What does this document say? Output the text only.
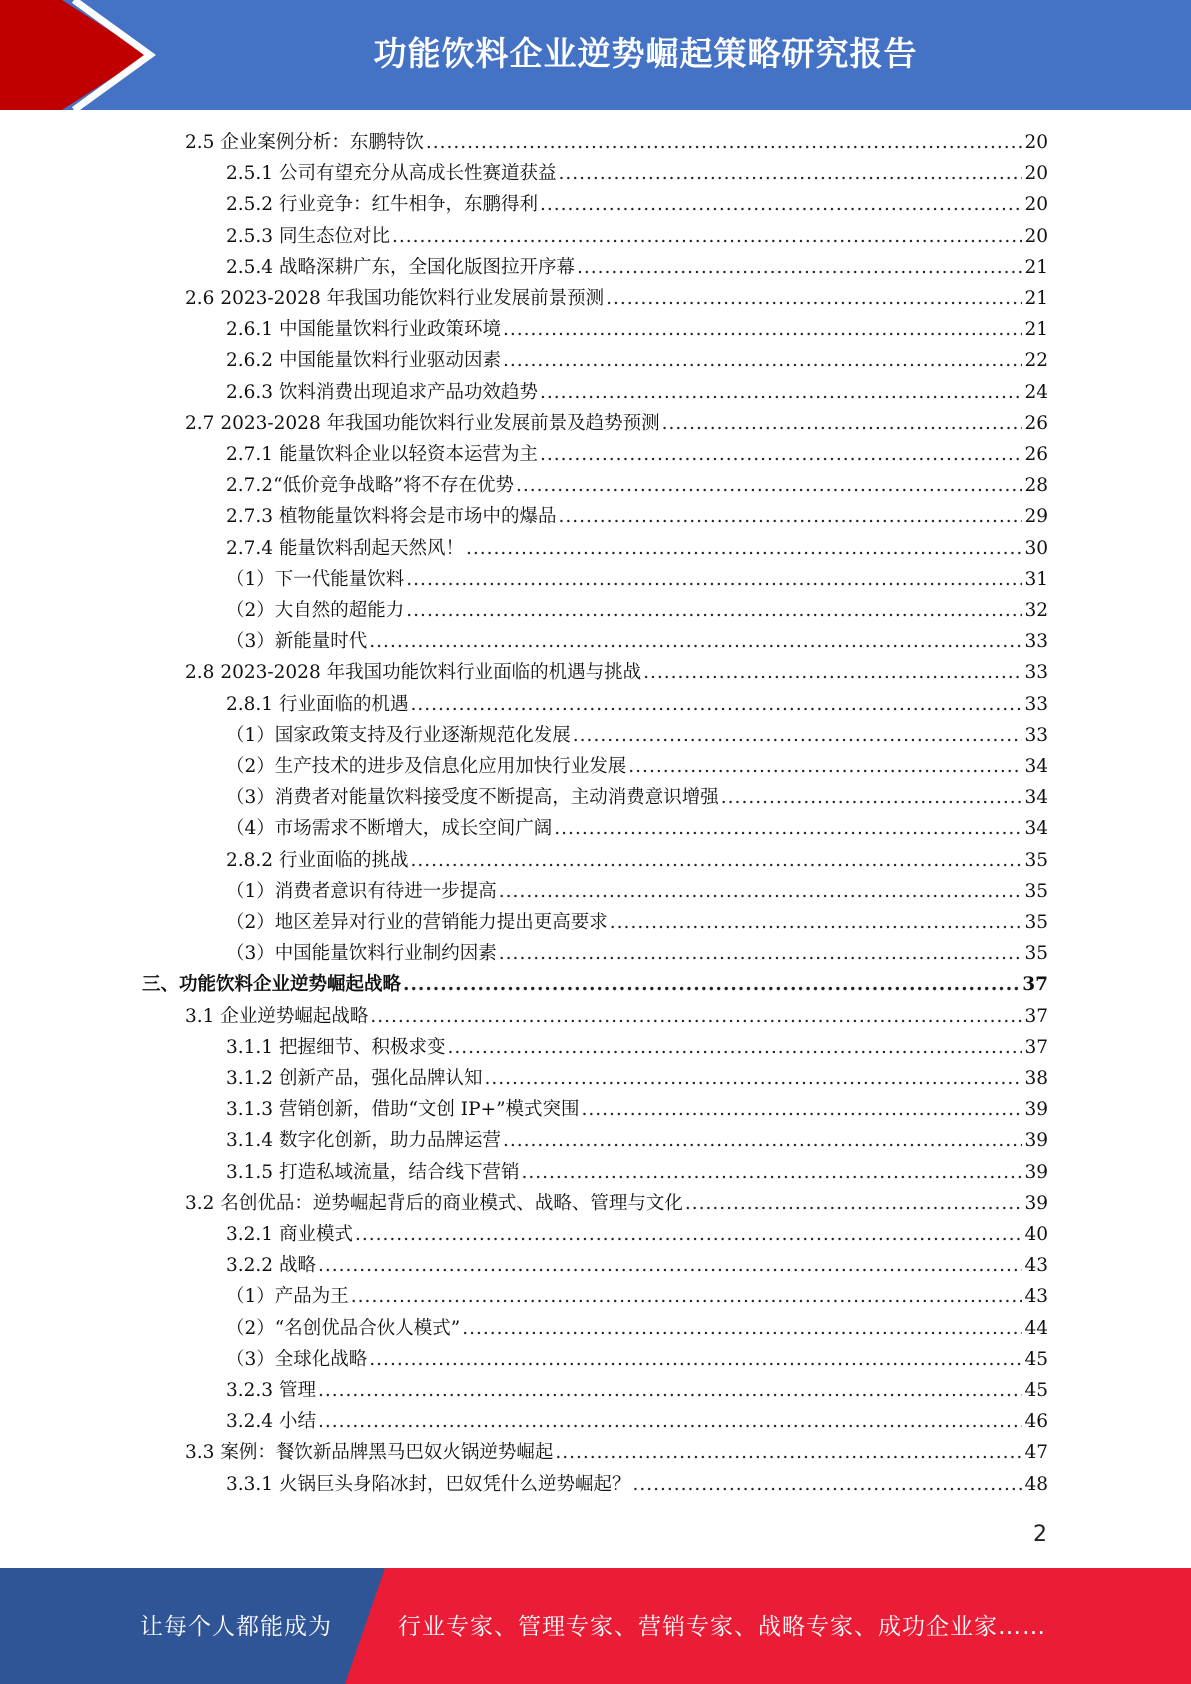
功能饮料企业逆势崛起策略研究报告
2.5 企业案例分析：东鹏特饮 .....	20
2.5.1 公司有望充分从高成长性赛道获益 .....	20
2.5.2 行业竞争：红牛相争，东鹏得利 .....	20
2.5.3 同生态位对比 .....	20
2.5.4 战略深耕广东，全国化版图拉开序幕 .....	21
2.6 2023-2028 年我国功能饮料行业发展前景预测 .....	21
2.6.1 中国能量饮料行业政策环境 .....	21
2.6.2 中国能量饮料行业驱动因素 .....	22
2.6.3 饮料消费出现追求产品功效趋势 .....	24
2.7 2023-2028 年我国功能饮料行业发展前景及趋势预测 .....	26
2.7.1 能量饮料企业以轻资本运营为主 .....	26
2.7.2“低价竞争战略”将不存在优势 .....	28
2.7.3 植物能量饮料将会是市场中的爆品 .....	29
2.7.4 能量饮料刮起天然风！ .....	30
（1）下一代能量饮料 .....	31
（2）大自然的超能力 .....	32
（3）新能量时代 .....	33
2.8 2023-2028 年我国功能饮料行业面临的机遇与挑战 .....	33
2.8.1 行业面临的机遇 .....	33
（1）国家政策支持及行业逐渐规范化发展 .....	33
（2）生产技术的进步及信息化应用加快行业发展 .....	34
（3）消费者对能量饮料接受度不断提高，主动消费意识增强 .....	34
（4）市场需求不断增大，成长空间广阔 .....	34
2.8.2 行业面临的挑战 .....	35
（1）消费者意识有待进一步提高 .....	35
（2）地区差异对行业的营销能力提出更高要求 .....	35
（3）中国能量饮料行业制约因素 .....	35
三、功能饮料企业逆势崛起战略 .....	37
3.1 企业逆势崛起战略 .....	37
3.1.1 把握细节、积极求变 .....	37
3.1.2 创新产品，强化品牌认知 .....	38
3.1.3 营销创新，借助“文创 IP+”模式突围 .....	39
3.1.4 数字化创新，助力品牌运营 .....	39
3.1.5 打造私域流量，结合线下营销 .....	39
3.2 名创优品：逆势崛起背后的商业模式、战略、管理与文化 .....	39
3.2.1 商业模式 .....	40
3.2.2 战略 .....	43
（1）产品为王 .....	43
（2）“名创优品合伙人模式” .....	44
（3）全球化战略 .....	45
3.2.3 管理 .....	45
3.2.4 小结 .....	46
3.3 案例：餐饮新品牌黑马巴奴火锅逆势崛起 .....	47
3.3.1 火锅巨头身陷冰封，巴奴凭什么逆势崛起？ .....	48
2
让每个人都能成为	行业专家、管理专家、营销专家、战略专家、成功企业家……
